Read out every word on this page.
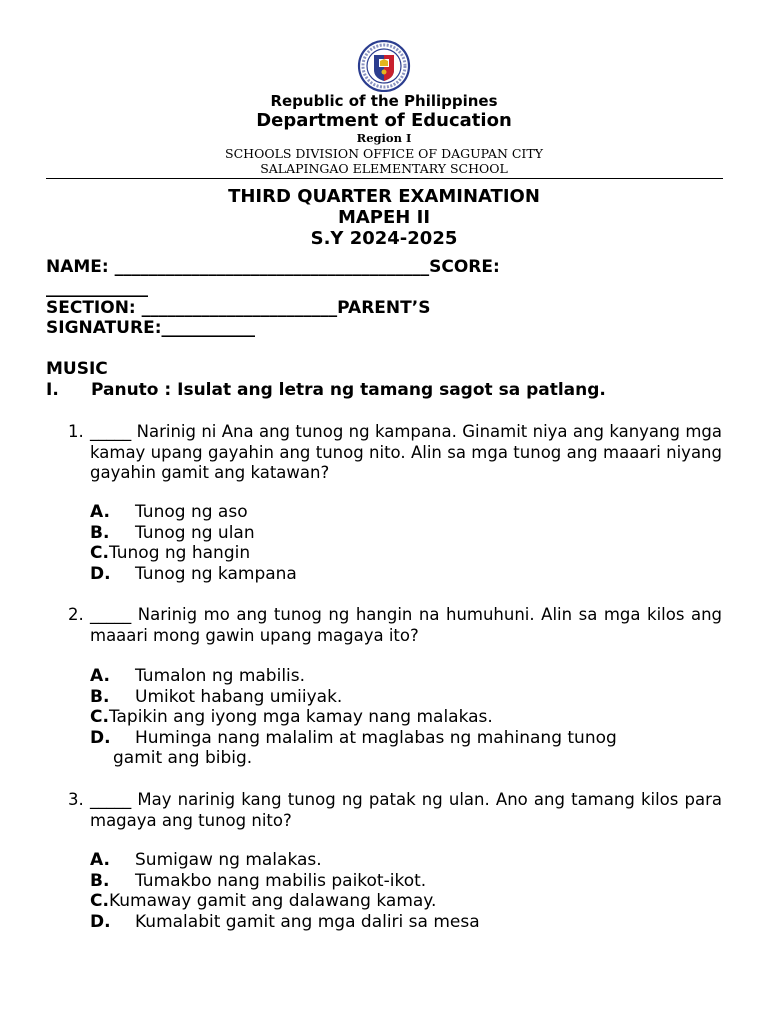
Republic of the Philippines
Department of Education
Region I
SCHOOLS DIVISION OFFICE OF DAGUPAN CITY
SALAPINGAO ELEMENTARY SCHOOL
THIRD QUARTER EXAMINATION
MAPEH II
S.Y 2024-2025
NAME: _____________________________________SCORE:
____________
SECTION: _______________________PARENT’S
SIGNATURE:___________
MUSIC
I. Panuto : Isulat ang letra ng tamang sagot sa patlang.
1. _____ Narinig ni Ana ang tunog ng kampana. Ginamit niya ang kanyang mga kamay upang gayahin ang tunog nito. Alin sa mga tunog ang maaari niyang gayahin gamit ang katawan?
A. Tunog ng aso
B. Tunog ng ulan
C.Tunog ng hangin
D. Tunog ng kampana
2. _____ Narinig mo ang tunog ng hangin na humuhuni. Alin sa mga kilos ang maaari mong gawin upang magaya ito?
A. Tumalon ng mabilis.
B. Umikot habang umiiyak.
C.Tapikin ang iyong mga kamay nang malakas.
D. Huminga nang malalim at maglabas ng mahinang tunog
gamit ang bibig.
3. _____ May narinig kang tunog ng patak ng ulan. Ano ang tamang kilos para magaya ang tunog nito?
A. Sumigaw ng malakas.
B. Tumakbo nang mabilis paikot-ikot.
C.Kumaway gamit ang dalawang kamay.
D. Kumalabit gamit ang mga daliri sa mesa
